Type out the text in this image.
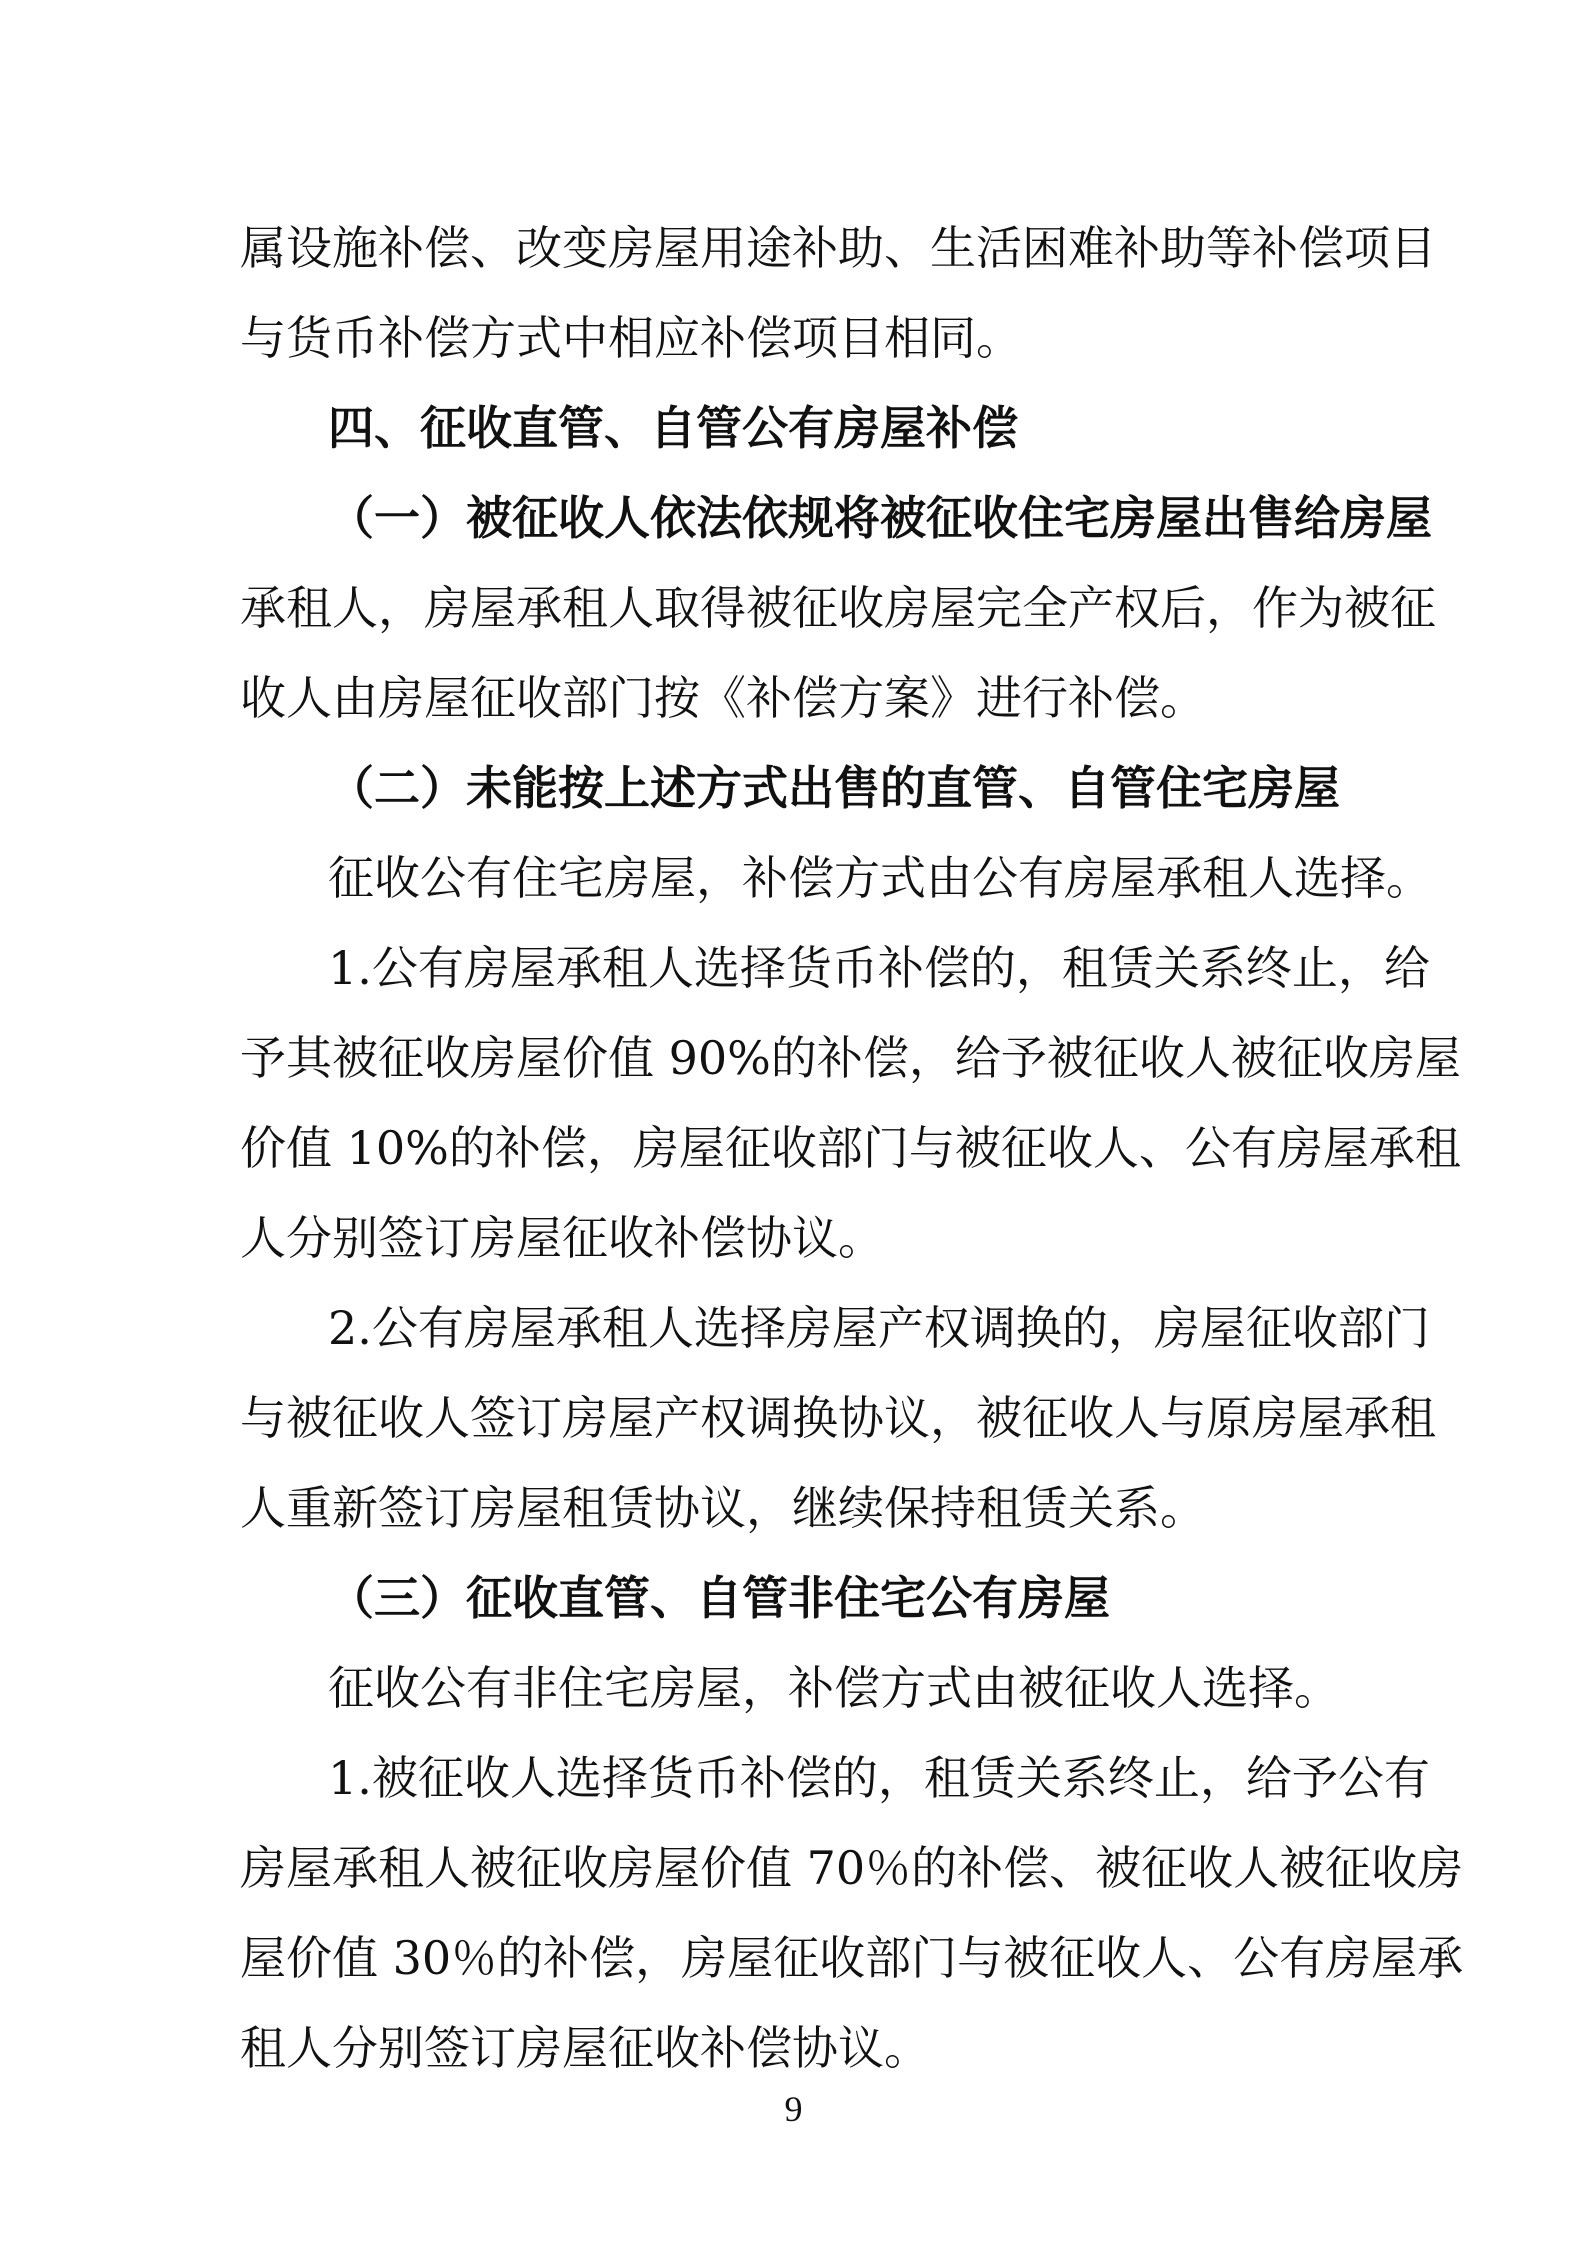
属设施补偿、改变房屋用途补助、生活困难补助等补偿项目
与货币补偿方式中相应补偿项目相同。
四、征收直管、自管公有房屋补偿
（一）被征收人依法依规将被征收住宅房屋出售给房屋
承租人，房屋承租人取得被征收房屋完全产权后，作为被征
收人由房屋征收部门按《补偿方案》进行补偿。
（二）未能按上述方式出售的直管、自管住宅房屋
征收公有住宅房屋，补偿方式由公有房屋承租人选择。
1.公有房屋承租人选择货币补偿的，租赁关系终止，给
予其被征收房屋价值 90%的补偿，给予被征收人被征收房屋
价值 10%的补偿，房屋征收部门与被征收人、公有房屋承租
人分别签订房屋征收补偿协议。
2.公有房屋承租人选择房屋产权调换的，房屋征收部门
与被征收人签订房屋产权调换协议，被征收人与原房屋承租
人重新签订房屋租赁协议，继续保持租赁关系。
（三）征收直管、自管非住宅公有房屋
征收公有非住宅房屋，补偿方式由被征收人选择。
1.被征收人选择货币补偿的，租赁关系终止，给予公有
房屋承租人被征收房屋价值 70％的补偿、被征收人被征收房
屋价值 30％的补偿，房屋征收部门与被征收人、公有房屋承
租人分别签订房屋征收补偿协议。
9
